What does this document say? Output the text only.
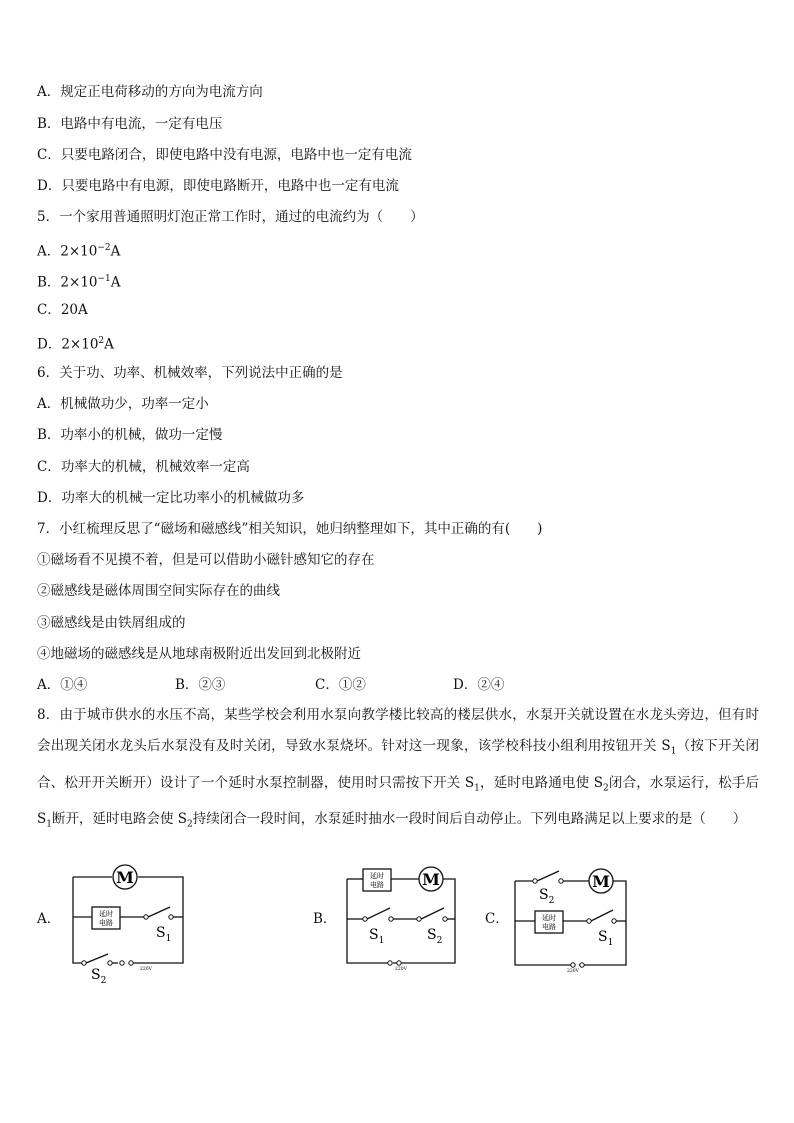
A．规定正电荷移动的方向为电流方向
B．电路中有电流，一定有电压
C．只要电路闭合，即使电路中没有电源，电路中也一定有电流
D．只要电路中有电源，即使电路断开，电路中也一定有电流
5．一个家用普通照明灯泡正常工作时，通过的电流约为（　　）
A．$2\times 10^{-2}A$
B．$2\times 10^{-1}A$
C．20A
D．$2\times 10^2A$
6．关于功、功率、机械效率，下列说法中正确的是
A．机械做功少，功率一定小
B．功率小的机械，做功一定慢
C．功率大的机械，机械效率一定高
D．功率大的机械一定比功率小的机械做功多
7．小红梳理反思了“磁场和磁感线”相关知识，她归纳整理如下，其中正确的有(　　)
①磁场看不见摸不着，但是可以借助小磁针感知它的存在
②磁感线是磁体周围空间实际存在的曲线
③磁感线是由铁屑组成的
④地磁场的磁感线是从地球南极附近出发回到北极附近
A．①④	B．②③	C．①②	D．②④
8．由于城市供水的水压不高，某些学校会利用水泵向教学楼比较高的楼层供水，水泵开关就设置在水龙头旁边，但有时会出现关闭水龙头后水泵没有及时关闭，导致水泵烧坏。针对这一现象，该学校科技小组利用按钮开关 $S_1$（按下开关闭合、松开开关断开）设计了一个延时水泵控制器，使用时只需按下开关 $S_1$，延时电路通电使 $S_2$闭合，水泵运行，松手后 $S_1$断开，延时电路会使 $S_2$持续闭合一段时间，水泵延时抽水一段时间后自动停止。下列电路满足以上要求的是（　　）
A．	B．	C．
M
延时
电路
$S_1$
$S_2$
220V
延时
电路 M
$S_1$	$S_2$
220V
$S_2$
M
延时
电路
$S_1$
220V
